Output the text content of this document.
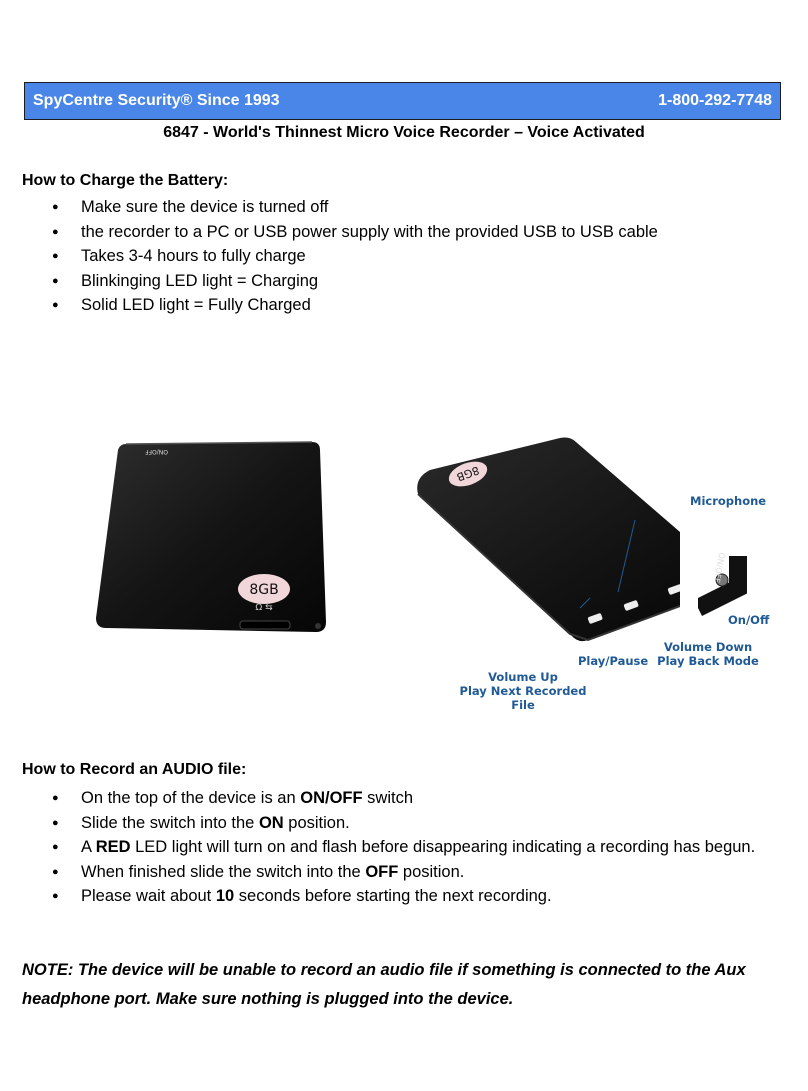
SpyCentre Security® Since 1993	1-800-292-7748
6847 - World's Thinnest Micro Voice Recorder – Voice Activated
How to Charge the Battery:
● Make sure the device is turned off
● the recorder to a PC or USB power supply with the provided USB to USB cable
● Takes 3-4 hours to fully charge
● Blinkinging LED light = Charging
● Solid LED light = Fully Charged
ON/OFF
8GB
Ω ⇆
8GB
ON/OFF
Microphone
On/Off
Volume Down
Play Back Mode
Play/Pause
Volume Up
Play Next Recorded File
How to Record an AUDIO file:
● On the top of the device is an ON/OFF switch
● Slide the switch into the ON position.
● A RED LED light will turn on and flash before disappearing indicating a recording has begun.
● When finished slide the switch into the OFF position.
● Please wait about 10 seconds before starting the next recording.
NOTE: The device will be unable to record an audio file if something is connected to the Aux headphone port. Make sure nothing is plugged into the device.
